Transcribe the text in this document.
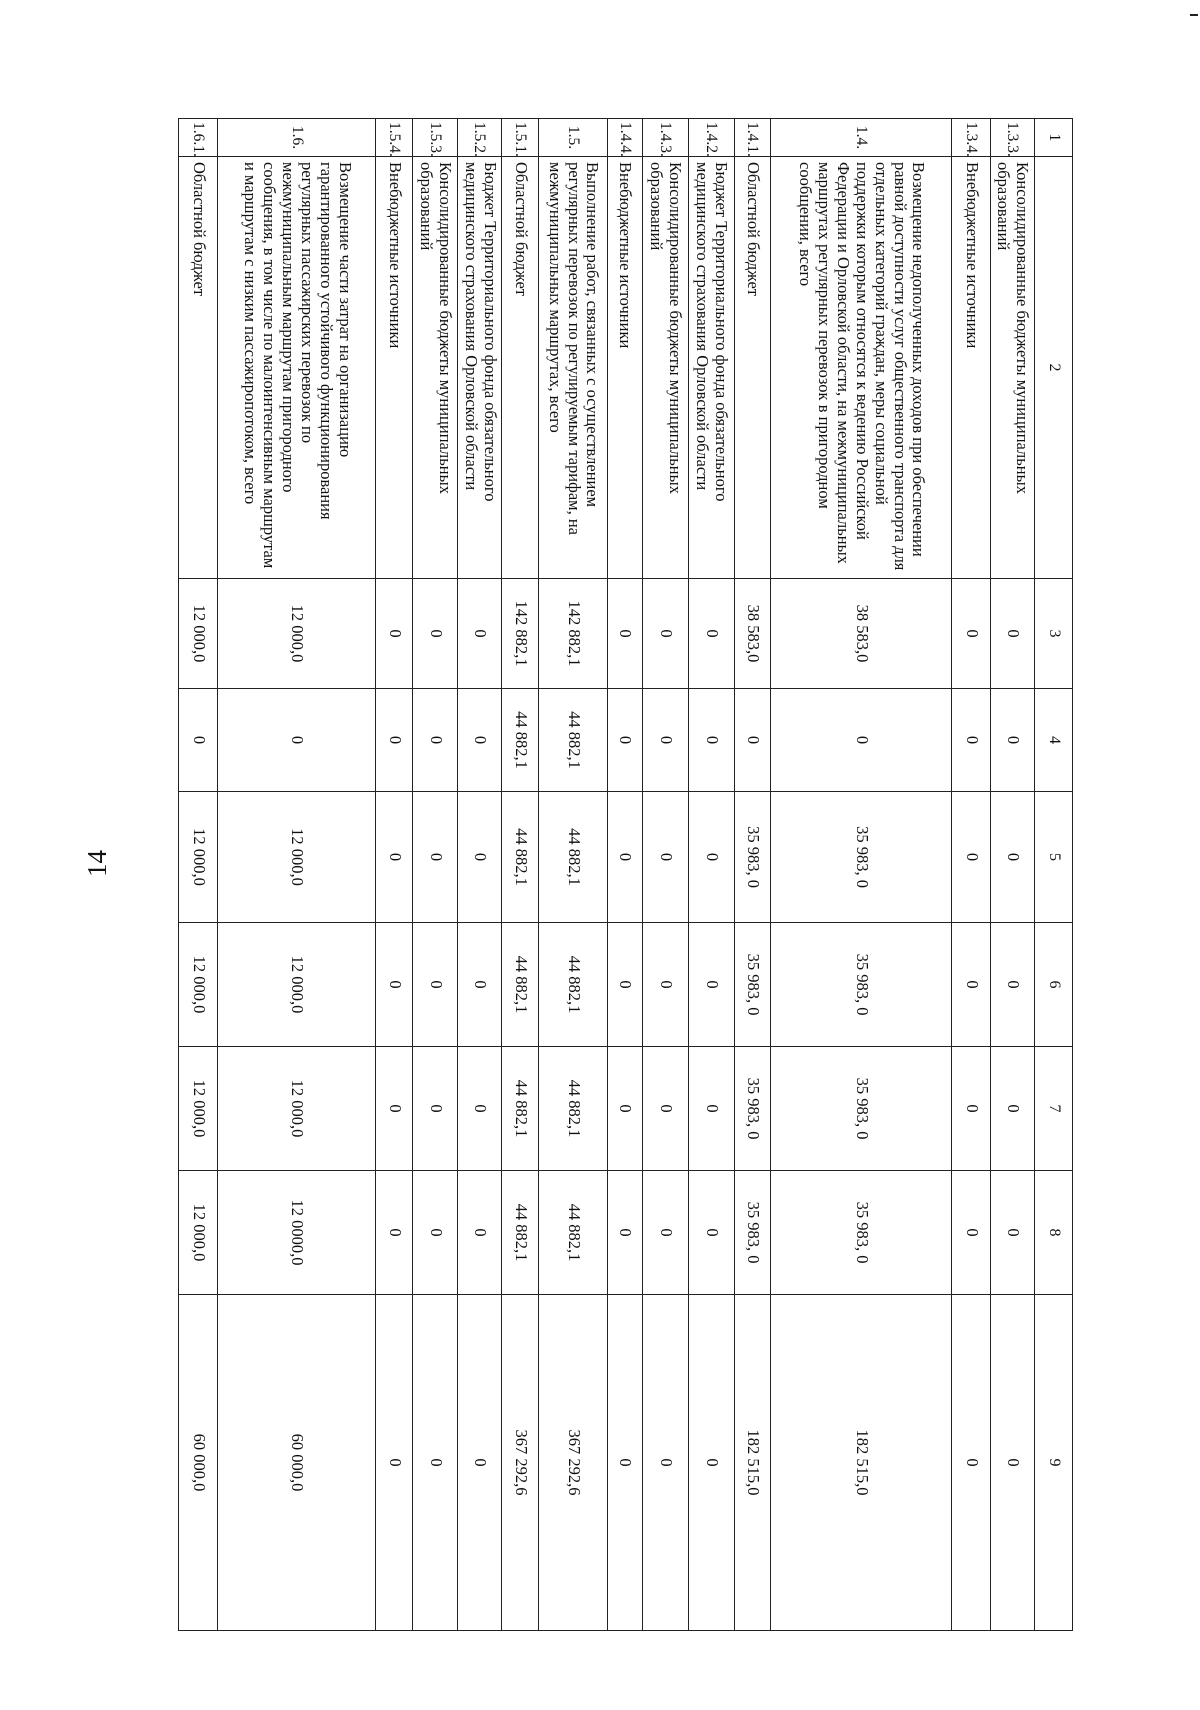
14
1	2	3	4	5	6	7	8	9
1.3.3.	Консолидированные бюджеты муниципальных образований	0	0	0	0	0	0	0
1.3.4.	Внебюджетные источники	0	0	0	0	0	0	0
1.4.	Возмещение недополученных доходов при обеспечении равной доступности услуг общественного транспорта для отдельных категорий граждан, меры социальной поддержки которым относятся к ведению Российской Федерации и Орловской области, на межмуниципальных маршрутах регулярных перевозок в пригородном сообщении, всего	38 583,0	0	35 983, 0	35 983, 0	35 983, 0	35 983, 0	182 515,0
1.4.1.	Областной бюджет	38 583,0	0	35 983, 0	35 983, 0	35 983, 0	35 983, 0	182 515,0
1.4.2.	Бюджет Территориального фонда обязательного медицинского страхования Орловской области	0	0	0	0	0	0	0
1.4.3.	Консолидированные бюджеты муниципальных образований	0	0	0	0	0	0	0
1.4.4.	Внебюджетные источники	0	0	0	0	0	0	0
1.5.	Выполнение работ, связанных с осуществлением регулярных перевозок по регулируемым тарифам, на межмуниципальных маршрутах, всего	142 882,1	44 882,1	44 882,1	44 882,1	44 882,1	44 882,1	367 292,6
1.5.1.	Областной бюджет	142 882,1	44 882,1	44 882,1	44 882,1	44 882,1	44 882,1	367 292,6
1.5.2.	Бюджет Территориального фонда обязательного медицинского страхования Орловской области	0	0	0	0	0	0	0
1.5.3.	Консолидированные бюджеты муниципальных образований	0	0	0	0	0	0	0
1.5.4.	Внебюджетные источники	0	0	0	0	0	0	0
1.6.	Возмещение части затрат на организацию гарантированного устойчивого функционирования регулярных пассажирских перевозок по межмуниципальным маршрутам пригородного сообщения, в том числе по малоинтенсивным маршрутам и маршрутам с низким пассажиропотоком, всего	12 000,0	0	12 000,0	12 000,0	12 000,0	12 0000,0	60 000,0
1.6.1.	Областной бюджет	12 000,0	0	12 000,0	12 000,0	12 000,0	12 000,0	60 000,0
